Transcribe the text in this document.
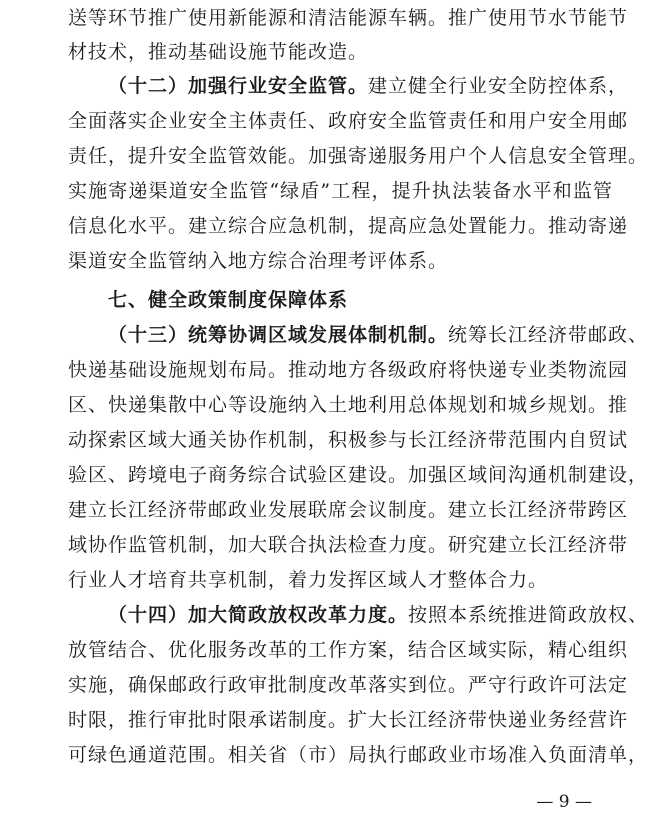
送等环节推广使用新能源和清洁能源车辆。推广使用节水节能节
材技术，推动基础设施节能改造。
（十二）加强行业安全监管。建立健全行业安全防控体系，
全面落实企业安全主体责任、政府安全监管责任和用户安全用邮
责任，提升安全监管效能。加强寄递服务用户个人信息安全管理。
实施寄递渠道安全监管“绿盾”工程，提升执法装备水平和监管
信息化水平。建立综合应急机制，提高应急处置能力。推动寄递
渠道安全监管纳入地方综合治理考评体系。
七、健全政策制度保障体系
（十三）统筹协调区域发展体制机制。统筹长江经济带邮政、
快递基础设施规划布局。推动地方各级政府将快递专业类物流园
区、快递集散中心等设施纳入土地利用总体规划和城乡规划。推
动探索区域大通关协作机制，积极参与长江经济带范围内自贸试
验区、跨境电子商务综合试验区建设。加强区域间沟通机制建设，
建立长江经济带邮政业发展联席会议制度。建立长江经济带跨区
域协作监管机制，加大联合执法检查力度。研究建立长江经济带
行业人才培育共享机制，着力发挥区域人才整体合力。
（十四）加大简政放权改革力度。按照本系统推进简政放权、
放管结合、优化服务改革的工作方案，结合区域实际，精心组织
实施，确保邮政行政审批制度改革落实到位。严守行政许可法定
时限，推行审批时限承诺制度。扩大长江经济带快递业务经营许
可绿色通道范围。相关省（市）局执行邮政业市场准入负面清单，
— 9 —
